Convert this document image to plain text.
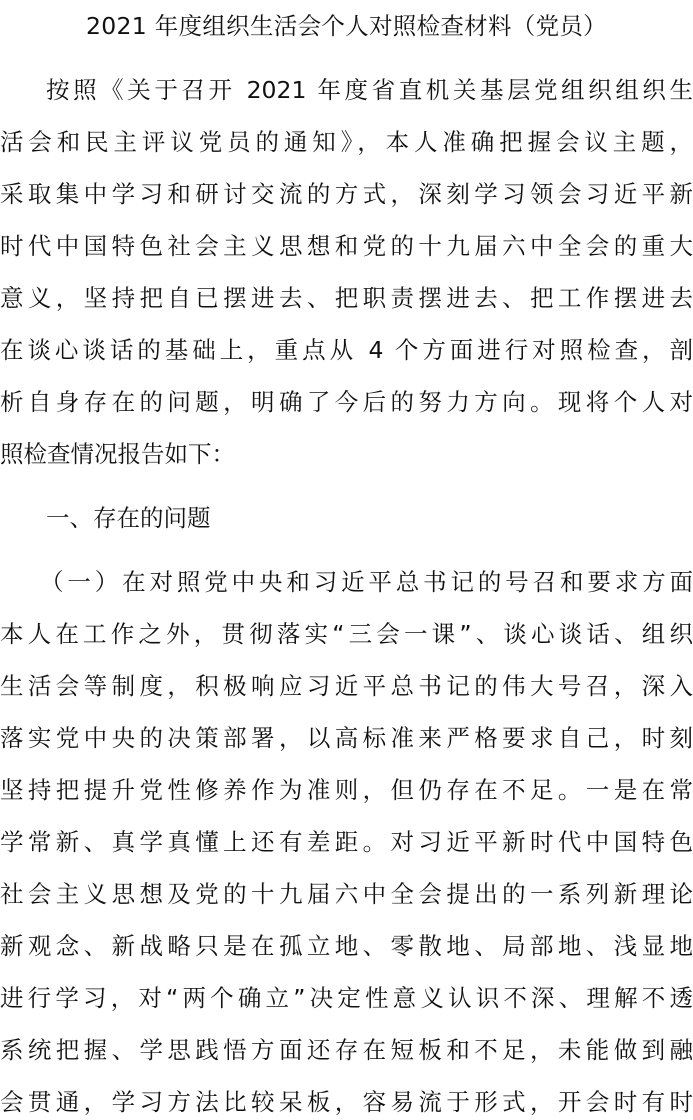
2021 年度组织生活会个人对照检查材料（党员）
按照《关于召开 2021 年度省直机关基层党组织组织生
活会和民主评议党员的通知》，本人准确把握会议主题，
采取集中学习和研讨交流的方式，深刻学习领会习近平新
时代中国特色社会主义思想和党的十九届六中全会的重大
意义，坚持把自已摆进去、把职责摆进去、把工作摆进去
在谈心谈话的基础上，重点从 4 个方面进行对照检查，剖
析自身存在的问题，明确了今后的努力方向。现将个人对
照检查情况报告如下：
一、存在的问题
（一）在对照党中央和习近平总书记的号召和要求方面
本人在工作之外，贯彻落实“三会一课”、谈心谈话、组织
生活会等制度，积极响应习近平总书记的伟大号召，深入
落实党中央的决策部署，以高标准来严格要求自己，时刻
坚持把提升党性修养作为准则，但仍存在不足。一是在常
学常新、真学真懂上还有差距。对习近平新时代中国特色
社会主义思想及党的十九届六中全会提出的一系列新理论
新观念、新战略只是在孤立地、零散地、局部地、浅显地
进行学习，对“两个确立”决定性意义认识不深、理解不透
系统把握、学思践悟方面还存在短板和不足，未能做到融
会贯通，学习方法比较呆板，容易流于形式，开会时有时
